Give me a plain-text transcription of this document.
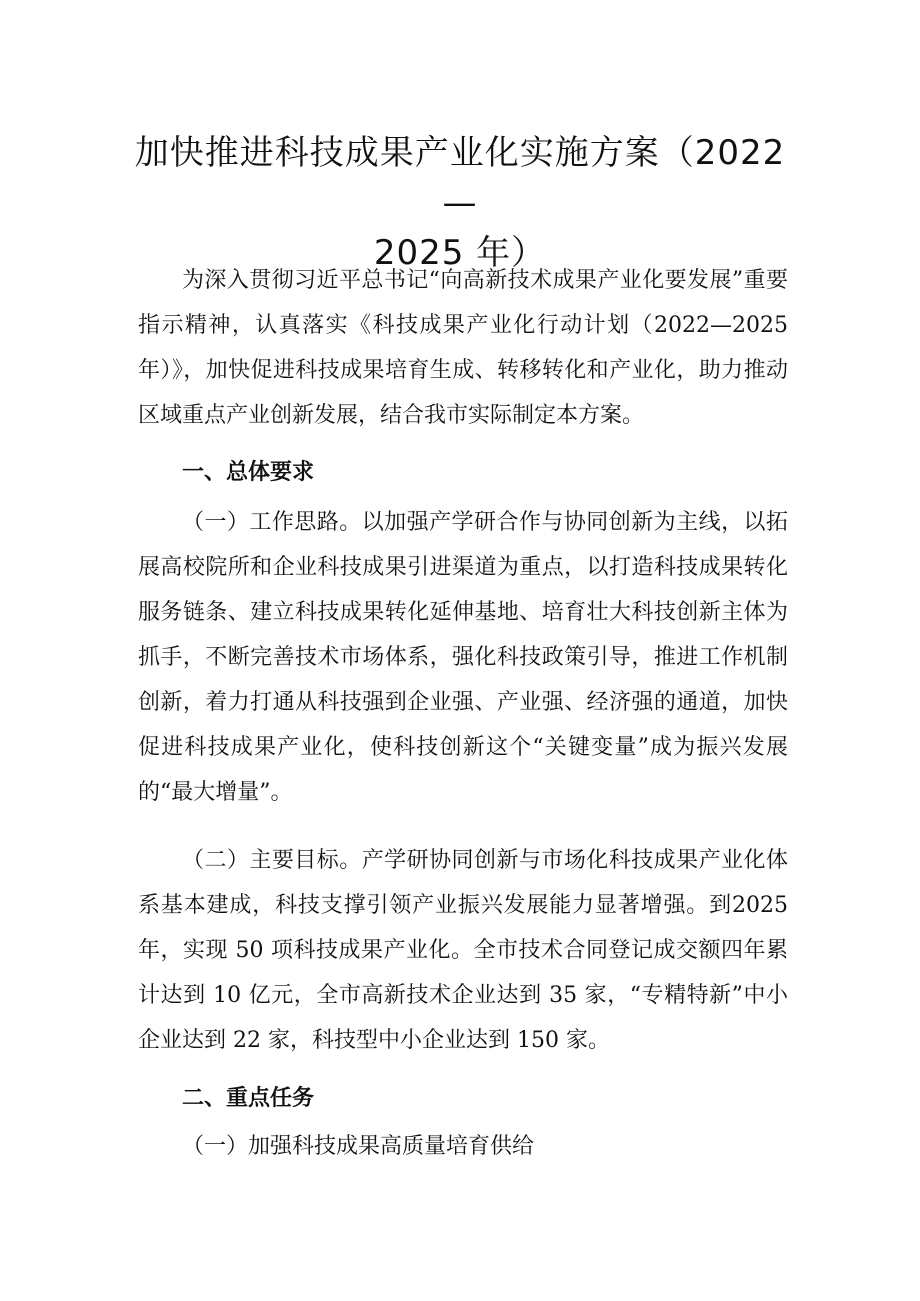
加快推进科技成果产业化实施方案（2022—
2025 年）

为深入贯彻习近平总书记“向高新技术成果产业化要发展”重要指示精神，认真落实《科技成果产业化行动计划（2022—2025年）》，加快促进科技成果培育生成、转移转化和产业化，助力推动区域重点产业创新发展，结合我市实际制定本方案。

一、总体要求

（一）工作思路。以加强产学研合作与协同创新为主线，以拓展高校院所和企业科技成果引进渠道为重点，以打造科技成果转化服务链条、建立科技成果转化延伸基地、培育壮大科技创新主体为抓手，不断完善技术市场体系，强化科技政策引导，推进工作机制创新，着力打通从科技强到企业强、产业强、经济强的通道，加快促进科技成果产业化，使科技创新这个“关键变量”成为振兴发展的“最大增量”。

（二）主要目标。产学研协同创新与市场化科技成果产业化体系基本建成，科技支撑引领产业振兴发展能力显著增强。到2025 年，实现 50 项科技成果产业化。全市技术合同登记成交额四年累计达到 10 亿元，全市高新技术企业达到 35 家，“专精特新”中小企业达到 22 家，科技型中小企业达到 150 家。

二、重点任务

（一）加强科技成果高质量培育供给
